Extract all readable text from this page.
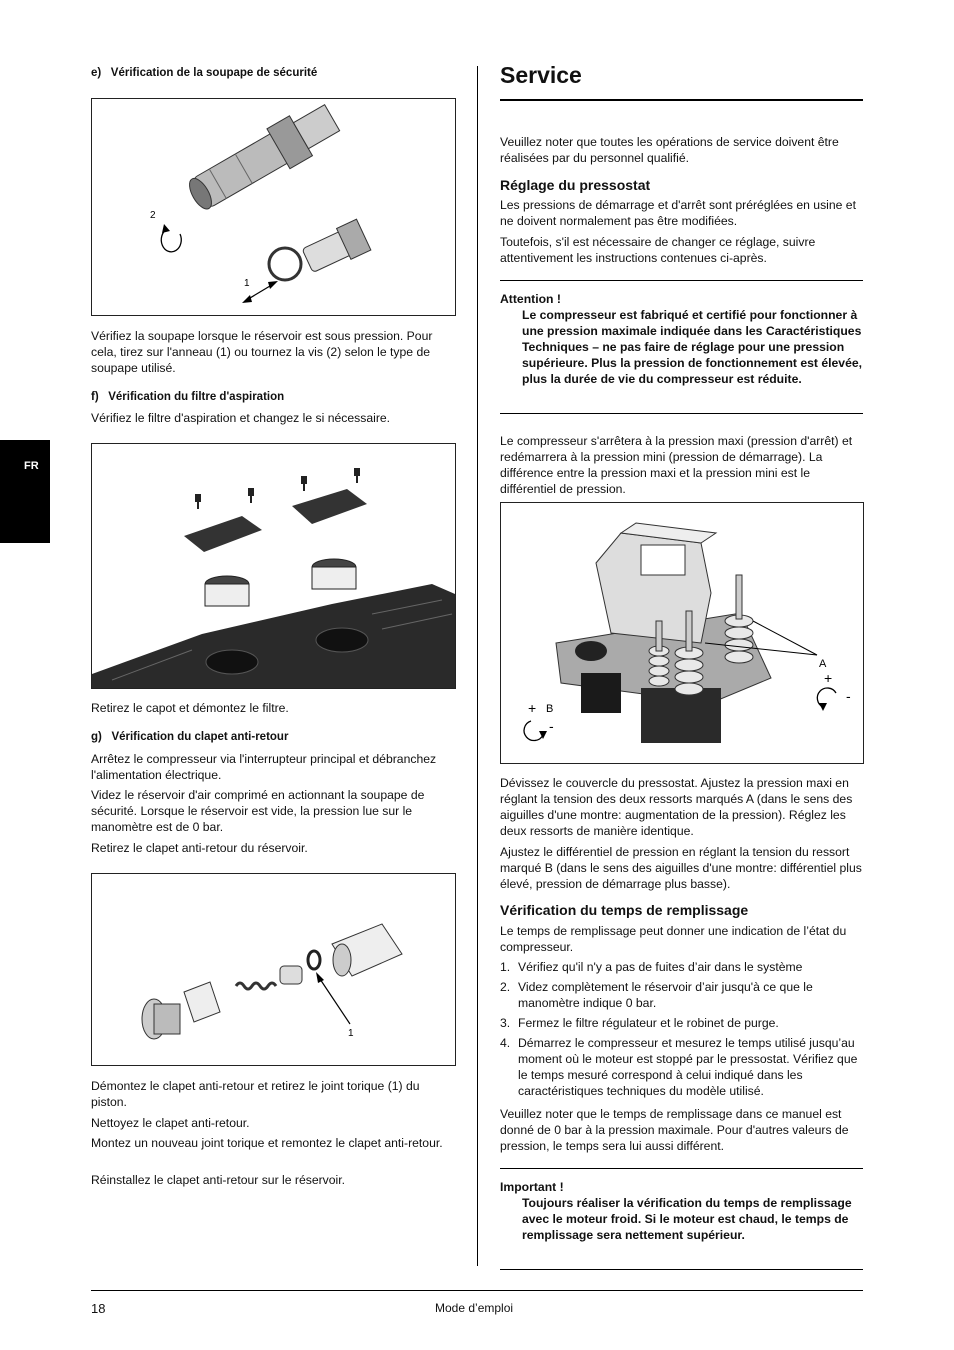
FR
e)   Vérification de la soupape de sécurité
2
1

Vérifiez la soupape lorsque le réservoir est sous pression. Pour cela, tirez sur l'anneau (1) ou tournez la vis (2) selon le type de soupape utilisé.

f)   Vérification du filtre d'aspiration

Vérifiez le filtre d'aspiration et changez le si nécessaire.

Retirez le capot et démontez le filtre.

g)   Vérification du clapet anti-retour

Arrêtez le compresseur via l'interrupteur principal et débranchez l'alimentation électrique.

Videz le réservoir d'air comprimé en actionnant la soupape de sécurité. Lorsque le réservoir est vide, la pression lue sur le manomètre est de 0 bar.

Retirez le clapet anti-retour du réservoir.

1

Démontez le clapet anti-retour et retirez le joint torique (1) du piston.

Nettoyez le clapet anti-retour.

Montez un nouveau joint torique et remontez le clapet anti-retour.

Réinstallez le clapet anti-retour sur le réservoir.

Service

Veuillez noter que toutes les opérations de service doivent être réalisées par du personnel qualifié.

Réglage du pressostat

Les pressions de démarrage et d'arrêt sont préréglées en usine et ne doivent normalement pas être modifiées.

Toutefois, s'il est nécessaire de changer ce réglage, suivre attentivement les instructions contenues ci-après.

Attention !
Le compresseur est fabriqué et certifié pour fonctionner à une pression maximale indiquée dans les Caractéristiques Techniques – ne pas faire de réglage pour une pression supérieure. Plus la pression de fonctionnement est élevée, plus la durée de vie du compresseur est réduite.

Le compresseur s'arrêtera à la pression maxi (pression d'arrêt) et redémarrera à la pression mini (pression de démarrage). La différence entre la pression maxi et la pression mini est le différentiel de pression.

A
+
-
+ B
-

Dévissez le couvercle du pressostat. Ajustez la pression maxi en réglant la tension des deux ressorts marqués A (dans le sens des aiguilles d'une montre: augmentation de la pression). Réglez les deux ressorts de manière identique.

Ajustez le différentiel de pression en réglant la tension du ressort marqué B (dans le sens des aiguilles d'une montre: différentiel plus élevé, pression de démarrage plus basse).

Vérification du temps de remplissage

Le temps de remplissage peut donner une indication de l’état du compresseur.

1. Vérifiez qu'il n'y a pas de fuites d’air dans le système
2. Videz complètement le réservoir d’air jusqu'à ce que le manomètre indique 0 bar.
3. Fermez le filtre régulateur et le robinet de purge.
4. Démarrez le compresseur et mesurez le temps utilisé jusqu’au moment où le moteur est stoppé par le pressostat. Vérifiez que le temps mesuré correspond à celui indiqué dans les caractéristiques techniques du modèle utilisé.

Veuillez noter que le temps de remplissage dans ce manuel est donné de 0 bar à la pression maximale. Pour d'autres valeurs de pression, le temps sera lui aussi différent.

Important !
Toujours réaliser la vérification du temps de remplissage avec le moteur froid. Si le moteur est chaud, le temps de remplissage sera nettement supérieur.
18	Mode d’emploi
